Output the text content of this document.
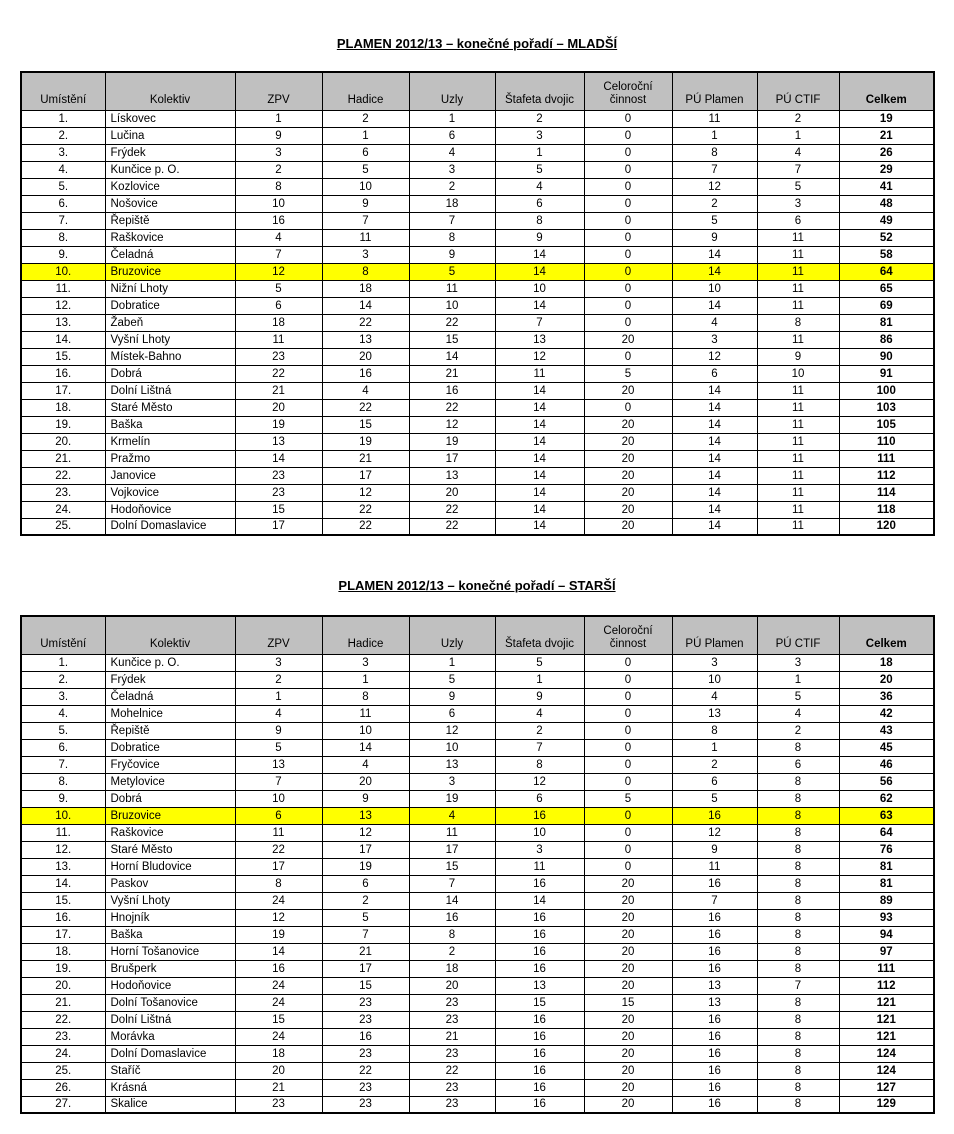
PLAMEN 2012/13 – konečné pořadí – MLADŠÍ
Umístění	Kolektiv	ZPV	Hadice	Uzly	Štafeta dvojic	Celoroční činnost	PÚ Plamen	PÚ CTIF	Celkem
1.	Lískovec	1	2	1	2	0	11	2	19
2.	Lučina	9	1	6	3	0	1	1	21
3.	Frýdek	3	6	4	1	0	8	4	26
4.	Kunčice p. O.	2	5	3	5	0	7	7	29
5.	Kozlovice	8	10	2	4	0	12	5	41
6.	Nošovice	10	9	18	6	0	2	3	48
7.	Řepiště	16	7	7	8	0	5	6	49
8.	Raškovice	4	11	8	9	0	9	11	52
9.	Čeladná	7	3	9	14	0	14	11	58
10.	Bruzovice	12	8	5	14	0	14	11	64
11.	Nižní Lhoty	5	18	11	10	0	10	11	65
12.	Dobratice	6	14	10	14	0	14	11	69
13.	Žabeň	18	22	22	7	0	4	8	81
14.	Vyšní Lhoty	11	13	15	13	20	3	11	86
15.	Místek-Bahno	23	20	14	12	0	12	9	90
16.	Dobrá	22	16	21	11	5	6	10	91
17.	Dolní Lištná	21	4	16	14	20	14	11	100
18.	Staré Město	20	22	22	14	0	14	11	103
19.	Baška	19	15	12	14	20	14	11	105
20.	Krmelín	13	19	19	14	20	14	11	110
21.	Pražmo	14	21	17	14	20	14	11	111
22.	Janovice	23	17	13	14	20	14	11	112
23.	Vojkovice	23	12	20	14	20	14	11	114
24.	Hodoňovice	15	22	22	14	20	14	11	118
25.	Dolní Domaslavice	17	22	22	14	20	14	11	120
PLAMEN 2012/13 – konečné pořadí – STARŠÍ
Umístění	Kolektiv	ZPV	Hadice	Uzly	Štafeta dvojic	Celoroční činnost	PÚ Plamen	PÚ CTIF	Celkem
1.	Kunčice p. O.	3	3	1	5	0	3	3	18
2.	Frýdek	2	1	5	1	0	10	1	20
3.	Čeladná	1	8	9	9	0	4	5	36
4.	Mohelnice	4	11	6	4	0	13	4	42
5.	Řepiště	9	10	12	2	0	8	2	43
6.	Dobratice	5	14	10	7	0	1	8	45
7.	Fryčovice	13	4	13	8	0	2	6	46
8.	Metylovice	7	20	3	12	0	6	8	56
9.	Dobrá	10	9	19	6	5	5	8	62
10.	Bruzovice	6	13	4	16	0	16	8	63
11.	Raškovice	11	12	11	10	0	12	8	64
12.	Staré Město	22	17	17	3	0	9	8	76
13.	Horní Bludovice	17	19	15	11	0	11	8	81
14.	Paskov	8	6	7	16	20	16	8	81
15.	Vyšní Lhoty	24	2	14	14	20	7	8	89
16.	Hnojník	12	5	16	16	20	16	8	93
17.	Baška	19	7	8	16	20	16	8	94
18.	Horní Tošanovice	14	21	2	16	20	16	8	97
19.	Brušperk	16	17	18	16	20	16	8	111
20.	Hodoňovice	24	15	20	13	20	13	7	112
21.	Dolní Tošanovice	24	23	23	15	15	13	8	121
22.	Dolní Lištná	15	23	23	16	20	16	8	121
23.	Morávka	24	16	21	16	20	16	8	121
24.	Dolní Domaslavice	18	23	23	16	20	16	8	124
25.	Staříč	20	22	22	16	20	16	8	124
26.	Krásná	21	23	23	16	20	16	8	127
27.	Skalice	23	23	23	16	20	16	8	129
